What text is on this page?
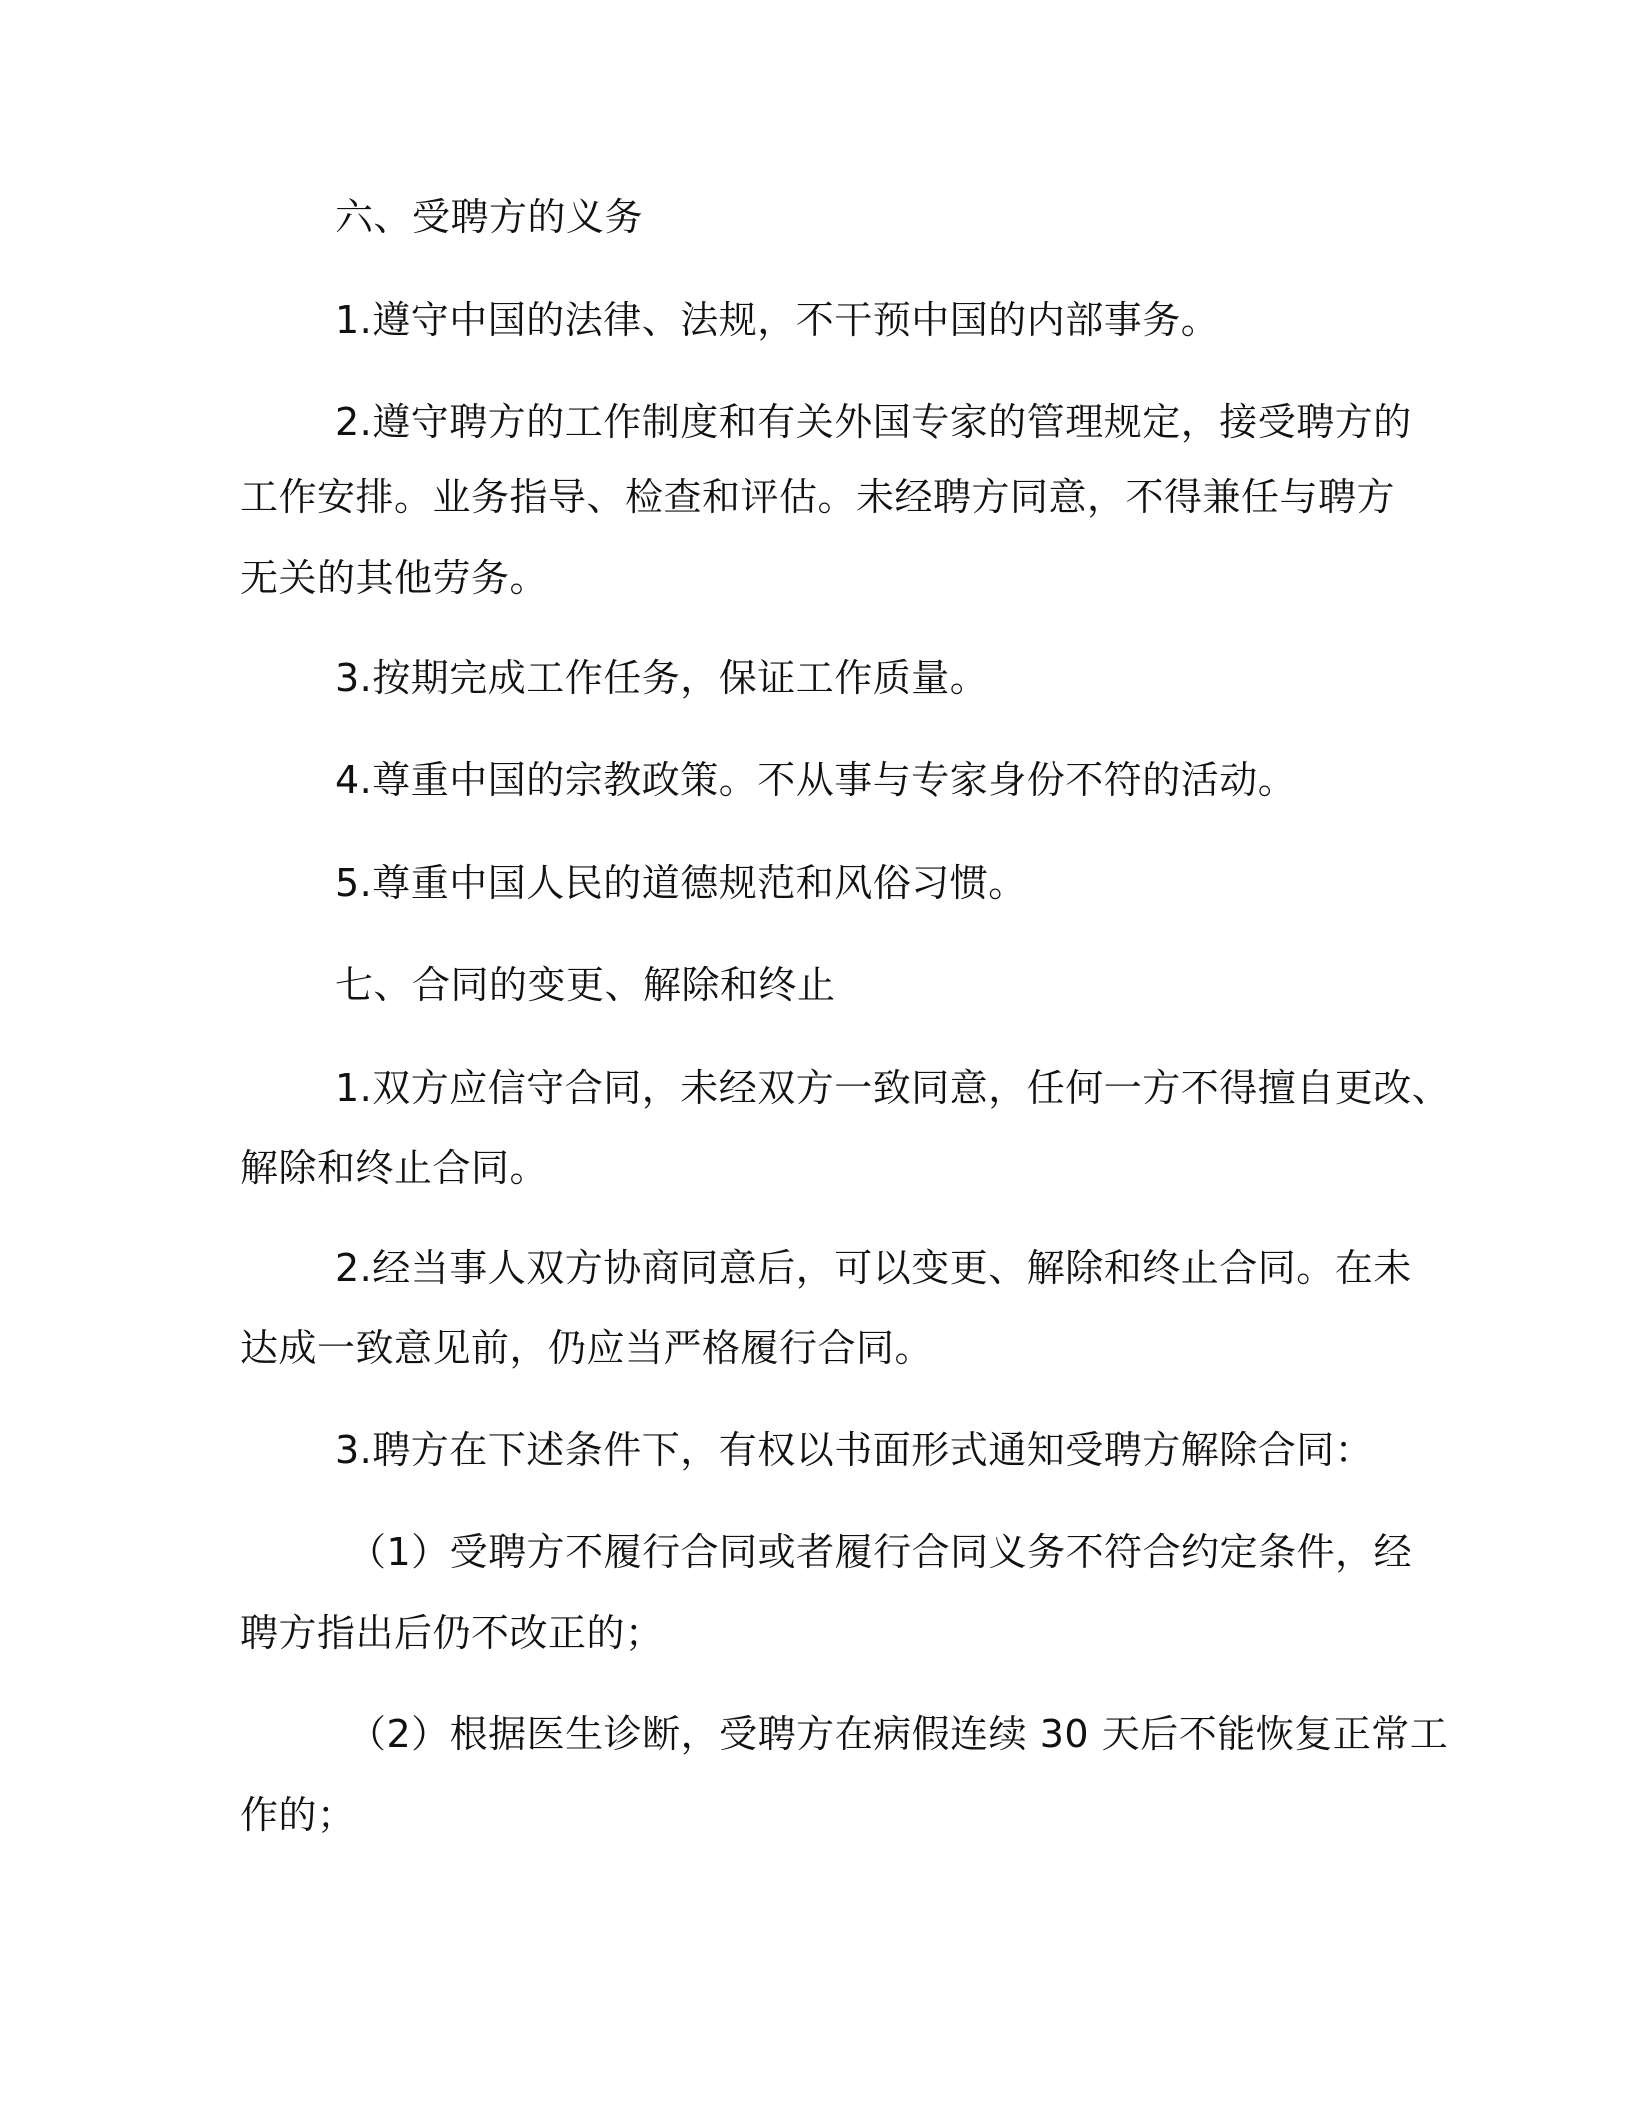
六、受聘方的义务
1.遵守中国的法律、法规，不干预中国的内部事务。
2.遵守聘方的工作制度和有关外国专家的管理规定，接受聘方的
工作安排。业务指导、检查和评估。未经聘方同意，不得兼任与聘方
无关的其他劳务。
3.按期完成工作任务，保证工作质量。
4.尊重中国的宗教政策。不从事与专家身份不符的活动。
5.尊重中国人民的道德规范和风俗习惯。
七、合同的变更、解除和终止
1.双方应信守合同，未经双方一致同意，任何一方不得擅自更改、
解除和终止合同。
2.经当事人双方协商同意后，可以变更、解除和终止合同。在未
达成一致意见前，仍应当严格履行合同。
3.聘方在下述条件下，有权以书面形式通知受聘方解除合同：
（1）受聘方不履行合同或者履行合同义务不符合约定条件，经
聘方指出后仍不改正的；
（2）根据医生诊断，受聘方在病假连续 30 天后不能恢复正常工
作的；
